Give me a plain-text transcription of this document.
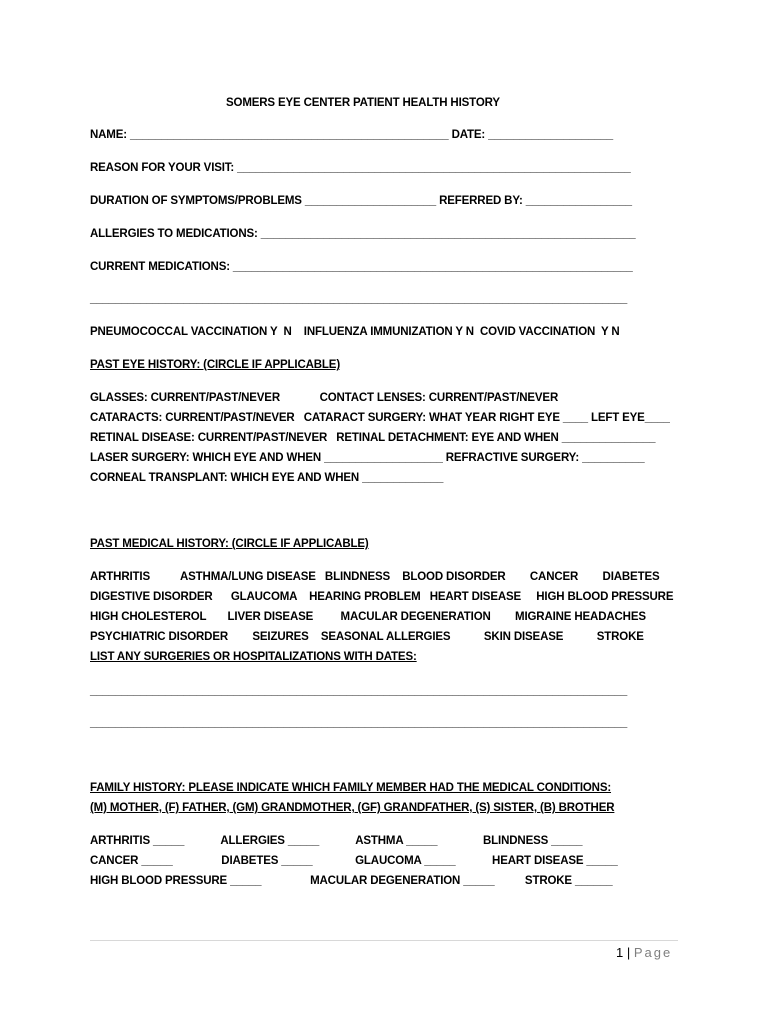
SOMERS EYE CENTER PATIENT HEALTH HISTORY
NAME: ___________________________________________________ DATE: ____________________
REASON FOR YOUR VISIT: _______________________________________________________________
DURATION OF SYMPTOMS/PROBLEMS _____________________ REFERRED BY: _________________
ALLERGIES TO MEDICATIONS: ____________________________________________________________
CURRENT MEDICATIONS: ________________________________________________________________
______________________________________________________________________________________
PNEUMOCOCCAL VACCINATION Y  N    INFLUENZA IMMUNIZATION Y N  COVID VACCINATION  Y N
PAST EYE HISTORY: (CIRCLE IF APPLICABLE)
GLASSES: CURRENT/PAST/NEVER             CONTACT LENSES: CURRENT/PAST/NEVER
CATARACTS: CURRENT/PAST/NEVER   CATARACT SURGERY: WHAT YEAR RIGHT EYE ____ LEFT EYE____
RETINAL DISEASE: CURRENT/PAST/NEVER   RETINAL DETACHMENT: EYE AND WHEN _______________
LASER SURGERY: WHICH EYE AND WHEN ___________________ REFRACTIVE SURGERY: __________
CORNEAL TRANSPLANT: WHICH EYE AND WHEN _____________
PAST MEDICAL HISTORY: (CIRCLE IF APPLICABLE)
ARTHRITIS          ASTHMA/LUNG DISEASE   BLINDNESS    BLOOD DISORDER        CANCER        DIABETES
DIGESTIVE DISORDER      GLAUCOMA    HEARING PROBLEM   HEART DISEASE     HIGH BLOOD PRESSURE
HIGH CHOLESTEROL       LIVER DISEASE         MACULAR DEGENERATION        MIGRAINE HEADACHES
PSYCHIATRIC DISORDER        SEIZURES    SEASONAL ALLERGIES           SKIN DISEASE           STROKE
LIST ANY SURGERIES OR HOSPITALIZATIONS WITH DATES:
______________________________________________________________________________________
______________________________________________________________________________________
FAMILY HISTORY: PLEASE INDICATE WHICH FAMILY MEMBER HAD THE MEDICAL CONDITIONS:
(M) MOTHER, (F) FATHER, (GM) GRANDMOTHER, (GF) GRANDFATHER, (S) SISTER, (B) BROTHER
ARTHRITIS _____            ALLERGIES _____            ASTHMA _____               BLINDNESS _____
CANCER _____                DIABETES _____              GLAUCOMA _____            HEART DISEASE _____
HIGH BLOOD PRESSURE _____                MACULAR DEGENERATION _____          STROKE ______
1 | Page
